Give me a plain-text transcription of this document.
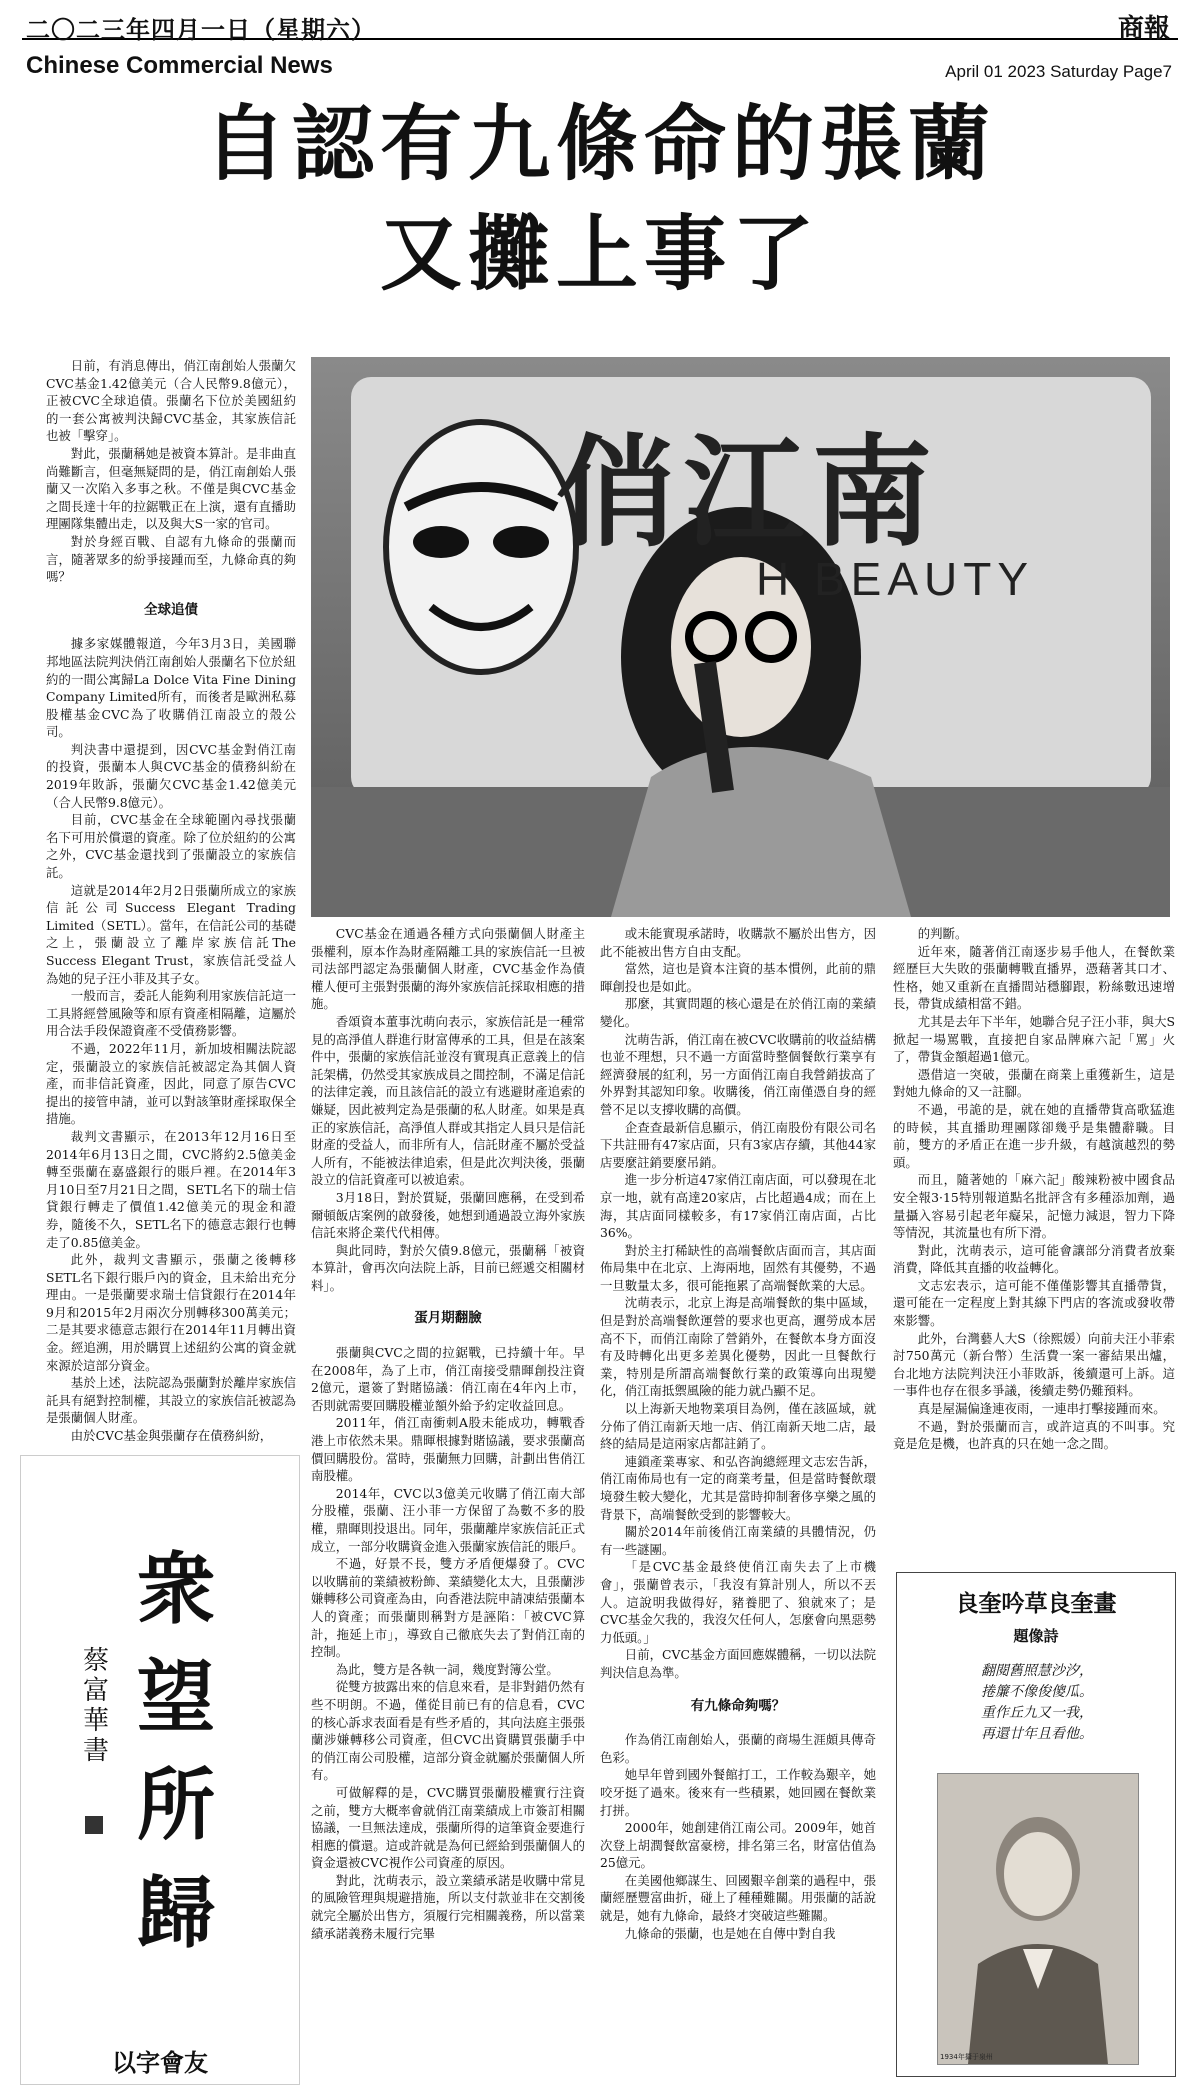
二〇二三年四月一日（星期六）	商報
Chinese Commercial News	April 01 2023 Saturday Page7
自認有九條命的張蘭
又攤上事了

日前，有消息傳出，俏江南創始人張蘭欠CVC基金1.42億美元（合人民幣9.8億元），正被CVC全球追債。張蘭名下位於美國紐約的一套公寓被判決歸CVC基金，其家族信託也被「擊穿」。

對此，張蘭稱她是被資本算計。是非曲直尚難斷言，但毫無疑問的是，俏江南創始人張蘭又一次陷入多事之秋。不僅是與CVC基金之間長達十年的拉鋸戰正在上演，還有直播助理團隊集體出走，以及與大S一家的官司。

對於身經百戰、自認有九條命的張蘭而言，隨著眾多的紛爭接踵而至，九條命真的夠嗎？

全球追債

據多家媒體報道，今年3月3日，美國聯邦地區法院判決俏江南創始人張蘭名下位於紐約的一間公寓歸La Dolce Vita Fine Dining Company Limited所有，而後者是歐洲私募股權基金CVC為了收購俏江南設立的殼公司。

判決書中還提到，因CVC基金對俏江南的投資，張蘭本人與CVC基金的債務糾紛在2019年敗訴，張蘭欠CVC基金1.42億美元（合人民幣9.8億元）。

目前，CVC基金在全球範圍內尋找張蘭名下可用於償還的資產。除了位於紐約的公寓之外，CVC基金還找到了張蘭設立的家族信託。

這就是2014年2月2日張蘭所成立的家族信託公司Success Elegant Trading Limited（SETL）。當年，在信託公司的基礎之上，張蘭設立了離岸家族信託The Success Elegant Trust，家族信託受益人為她的兒子汪小菲及其子女。

一般而言，委託人能夠利用家族信託這一工具將經營風險等和原有資產相隔離，這屬於用合法手段保證資產不受債務影響。

不過，2022年11月，新加坡相關法院認定，張蘭設立的家族信託被認定為其個人資產，而非信託資產，因此，同意了原告CVC提出的接管申請，並可以對該筆財產採取保全措施。

裁判文書顯示，在2013年12月16日至2014年6月13日之間，CVC將約2.5億美金轉至張蘭在嘉盛銀行的賬戶裡。在2014年3月10日至7月21日之間，SETL名下的瑞士信貸銀行轉走了價值1.42億美元的現金和證券，隨後不久，SETL名下的德意志銀行也轉走了0.85億美金。

此外，裁判文書顯示，張蘭之後轉移SETL名下銀行賬戶內的資金，且未給出充分理由。一是張蘭要求瑞士信貸銀行在2014年9月和2015年2月兩次分別轉移300萬美元；二是其要求德意志銀行在2014年11月轉出資金。經追溯，用於購買上述紐約公寓的資金就來源於這部分資金。

基於上述，法院認為張蘭對於離岸家族信託具有絕對控制權，其設立的家族信託被認為是張蘭個人財產。

由於CVC基金與張蘭存在債務糾紛，

俏江南
H BEAUTY

CVC基金在通過各種方式向張蘭個人財產主張權利，原本作為財產隔離工具的家族信託一旦被司法部門認定為張蘭個人財產，CVC基金作為債權人便可主張對張蘭的海外家族信託採取相應的措施。

香頌資本董事沈萌向表示，家族信託是一種常見的高淨值人群進行財富傳承的工具，但是在該案件中，張蘭的家族信託並沒有實現真正意義上的信託架構，仍然受其家族成員之間控制，不滿足信託的法律定義，而且該信託的設立有逃避財產追索的嫌疑，因此被判定為是張蘭的私人財產。如果是真正的家族信託，高淨值人群或其指定人員只是信託財產的受益人，而非所有人，信託財產不屬於受益人所有，不能被法律追索，但是此次判決後，張蘭設立的信託資產可以被追索。

3月18日，對於質疑，張蘭回應稱，在受到希爾頓飯店案例的啟發後，她想到通過設立海外家族信託來將企業代代相傳。

與此同時，對於欠債9.8億元，張蘭稱「被資本算計，會再次向法院上訴，目前已經遞交相關材料」。

蛋月期翻臉

張蘭與CVC之間的拉鋸戰，已持續十年。早在2008年，為了上市，俏江南接受鼎暉創投注資2億元，還簽了對賭協議：俏江南在4年內上市，否則就需要回購股權並額外給予約定收益回息。

2011年，俏江南衝刺A股未能成功，轉戰香港上市依然未果。鼎暉根據對賭協議，要求張蘭高價回購股份。當時，張蘭無力回購，計劃出售俏江南股權。

2014年，CVC以3億美元收購了俏江南大部分股權，張蘭、汪小菲一方保留了為數不多的股權，鼎暉則投退出。同年，張蘭離岸家族信託正式成立，一部分收購資金進入張蘭家族信託的賬戶。

不過，好景不長，雙方矛盾便爆發了。CVC以收購前的業績被粉飾、業績變化太大，且張蘭涉嫌轉移公司資產為由，向香港法院申請凍結張蘭本人的資產；而張蘭則稱對方是誣陷：「被CVC算計，拖延上市」，導致自己徹底失去了對俏江南的控制。

為此，雙方是各執一詞，幾度對簿公堂。

從雙方披露出來的信息來看，是非對錯仍然有些不明朗。不過，僅從目前已有的信息看，CVC的核心訴求表面看是有些矛盾的，其向法庭主張張蘭涉嫌轉移公司資產，但CVC出資購買張蘭手中的俏江南公司股權，這部分資金就屬於張蘭個人所有。

可做解釋的是，CVC購買張蘭股權實行注資之前，雙方大概率會就俏江南業績成上市簽訂相關協議，一旦無法達成，張蘭所得的這筆資金要進行相應的償還。這或許就是為何已經給到張蘭個人的資金還被CVC視作公司資產的原因。

對此，沈萌表示，設立業績承諾是收購中常見的風險管理與規避措施，所以支付款並非在交割後就完全屬於出售方，須履行完相關義務，所以當業績承諾義務未履行完畢

或未能實現承諾時，收購款不屬於出售方，因此不能被出售方自由支配。

當然，這也是資本注資的基本慣例，此前的鼎暉創投也是如此。

那麼，其實問題的核心還是在於俏江南的業績變化。

沈萌告訴，俏江南在被CVC收購前的收益結構也並不理想，只不過一方面當時整個餐飲行業享有經濟發展的紅利，另一方面俏江南自我營銷拔高了外界對其認知印象。收購後，俏江南僅憑自身的經營不足以支撐收購的高價。

企查查最新信息顯示，俏江南股份有限公司名下共註冊有47家店面，只有3家店存續，其他44家店要麼註銷要麼吊銷。

進一步分析這47家俏江南店面，可以發現在北京一地，就有高達20家店，占比超過4成；而在上海，其店面同樣較多，有17家俏江南店面，占比36%。

對於主打稀缺性的高端餐飲店面而言，其店面佈局集中在北京、上海兩地，固然有其優勢，不過一旦數量太多，很可能拖累了高端餐飲業的大忌。

沈萌表示，北京上海是高端餐飲的集中區域，但是對於高端餐飲運營的要求也更高，邇勞成本居高不下，而俏江南除了營銷外，在餐飲本身方面沒有及時轉化出更多差異化優勢，因此一旦餐飲行業，特別是所謂高端餐飲行業的政策導向出現變化，俏江南抵禦風險的能力就凸顯不足。

以上海新天地物業項目為例，僅在該區域，就分佈了俏江南新天地一店、俏江南新天地二店，最終的結局是這兩家店都註銷了。

連鎖產業專家、和弘咨詢總經理文志宏告訴，俏江南佈局也有一定的商業考量，但是當時餐飲環境發生較大變化，尤其是當時抑制奢侈享樂之風的背景下，高端餐飲受到的影響較大。

關於2014年前後俏江南業績的具體情況，仍有一些謎團。

「是CVC基金最終使俏江南失去了上市機會」，張蘭曾表示，「我沒有算計別人，所以不丟人。這說明我做得好，豬養肥了、狼就來了；是CVC基金欠我的，我沒欠任何人，怎麼會向黑惡勢力低頭。」

日前，CVC基金方面回應媒體稱，一切以法院判決信息為準。

有九條命夠嗎？

作為俏江南創始人，張蘭的商場生涯頗具傳奇色彩。

她早年曾到國外餐館打工，工作較為艱辛，她咬牙挺了過來。後來有一些積累，她回國在餐飲業打拼。

2000年，她創建俏江南公司。2009年，她首次登上胡潤餐飲富豪榜，排名第三名，財富估值為25億元。

在美國他鄉謀生、回國艱辛創業的過程中，張蘭經歷豐富曲折，碰上了種種難關。用張蘭的話說就是，她有九條命，最終才突破這些難關。

九條命的張蘭，也是她在自傳中對自我

的判斷。

近年來，隨著俏江南逐步易手他人，在餐飲業經歷巨大失敗的張蘭轉戰直播界，憑藉著其口才、性格，她又重新在直播間站穩腳跟，粉絲數迅速增長，帶貨成績相當不錯。

尤其是去年下半年，她聯合兒子汪小菲，與大S掀起一場罵戰，直接把自家品牌麻六記「罵」火了，帶貨金額超過1億元。

憑借這一突破，張蘭在商業上重獲新生，這是對她九條命的又一註腳。

不過，弔詭的是，就在她的直播帶貨高歌猛進的時候，其直播助理團隊卻幾乎是集體辭職。目前，雙方的矛盾正在進一步升級，有越演越烈的勢頭。

而且，隨著她的「麻六記」酸辣粉被中國食品安全報3·15特別報道點名批評含有多種添加劑，過量攝入容易引起老年癡呆，記憶力減退，智力下降等情況，其流量也有所下滑。

對此，沈萌表示，這可能會讓部分消費者放棄消費，降低其直播的收益轉化。

文志宏表示，這可能不僅僅影響其直播帶貨，還可能在一定程度上對其線下門店的客流或發收帶來影響。

此外，台灣藝人大S（徐熙媛）向前夫汪小菲索討750萬元（新台幣）生活費一案一審結果出爐，台北地方法院判決汪小菲敗訴，後續還可上訴。這一事件也存在很多爭議，後續走勢仍難預料。

真是屋漏偏逢連夜雨，一連串打擊接踵而來。

不過，對於張蘭而言，或許這真的不叫事。究竟是危是機，也許真的只在她一念之間。

衆望所歸
蔡富華書
以字會友
良奎吟草良奎畫
題像詩
翻閱舊照慧沙汐，
捲簾不像俊傻瓜。
重作丘九又一我，
再還廿年且看他。
1934年攝于泉州
